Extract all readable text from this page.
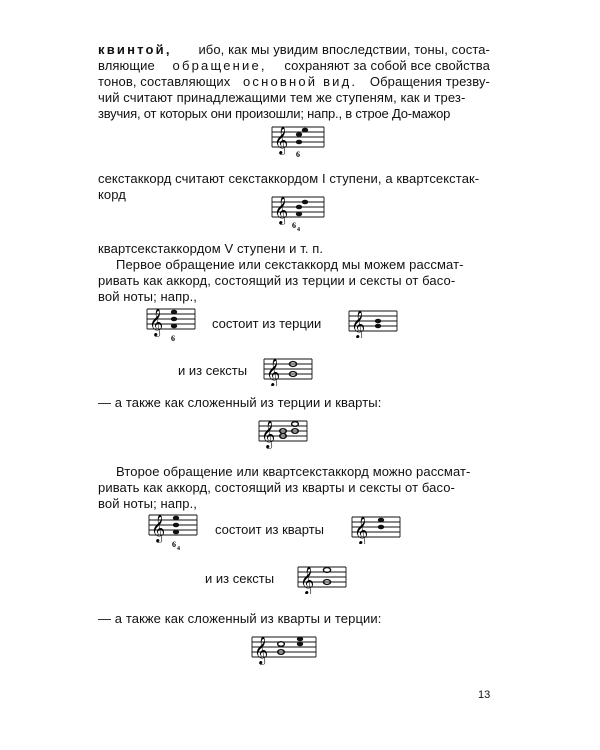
квинтой, ибо, как мы увидим впоследствии, тоны, соста-
вляющие обращение, сохраняют за собой все свойства
тонов, составляющих основной вид. Обращения трезву-
чий считают принадлежащими тем же ступеням, как и трез-
звучия, от которых они произошли; напр., в строе До-мажор
𝄞
6
секстаккорд считают секстаккордом I ступени, а квартсекстак-
корд
𝄞
6 4
квартсекстаккордом V ступени и т. п.
Первое обращение или секстаккорд мы можем рассмат-
ривать как аккорд, состоящий из терции и сексты от басо-
вой ноты; напр.,
𝄞
6
состоит из терции 𝄞
и из сексты 𝄞
— а также как сложенный из терции и кварты:
𝄞
Второе обращение или квартсекстаккорд можно рассмат-
ривать как аккорд, состоящий из кварты и сексты от басо-
вой ноты; напр.,
𝄞
6 4
состоит из кварты 𝄞
и из сексты 𝄞
— а также как сложенный из кварты и терции:
𝄞
13
